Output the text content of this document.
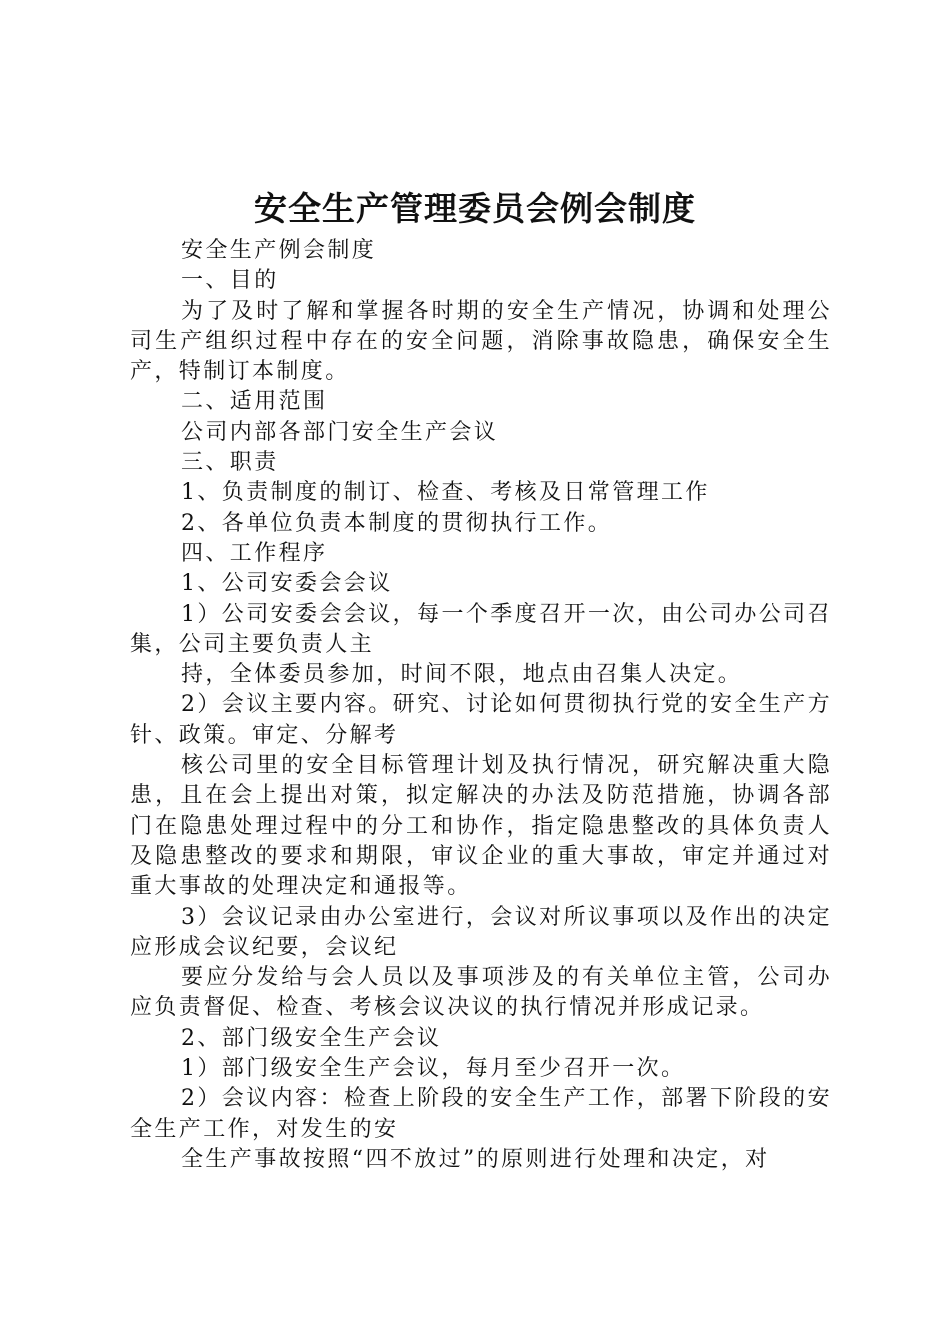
安全生产管理委员会例会制度

安全生产例会制度

一、目的

为了及时了解和掌握各时期的安全生产情况，协调和处理公司生产组织过程中存在的安全问题，消除事故隐患，确保安全生产，特制订本制度。

二、适用范围

公司内部各部门安全生产会议

三、职责

1、负责制度的制订、检查、考核及日常管理工作

2、各单位负责本制度的贯彻执行工作。

四、工作程序

1、公司安委会会议

1）公司安委会会议，每一个季度召开一次，由公司办公司召集，公司主要负责人主

持，全体委员参加，时间不限，地点由召集人决定。

2）会议主要内容。研究、讨论如何贯彻执行党的安全生产方针、政策。审定、分解考

核公司里的安全目标管理计划及执行情况，研究解决重大隐患，且在会上提出对策，拟定解决的办法及防范措施，协调各部门在隐患处理过程中的分工和协作，指定隐患整改的具体负责人及隐患整改的要求和期限，审议企业的重大事故，审定并通过对重大事故的处理决定和通报等。

3）会议记录由办公室进行，会议对所议事项以及作出的决定应形成会议纪要，会议纪

要应分发给与会人员以及事项涉及的有关单位主管，公司办应负责督促、检查、考核会议决议的执行情况并形成记录。

2、部门级安全生产会议

1）部门级安全生产会议，每月至少召开一次。

2）会议内容：检查上阶段的安全生产工作，部署下阶段的安全生产工作，对发生的安

全生产事故按照“四不放过”的原则进行处理和决定，对
